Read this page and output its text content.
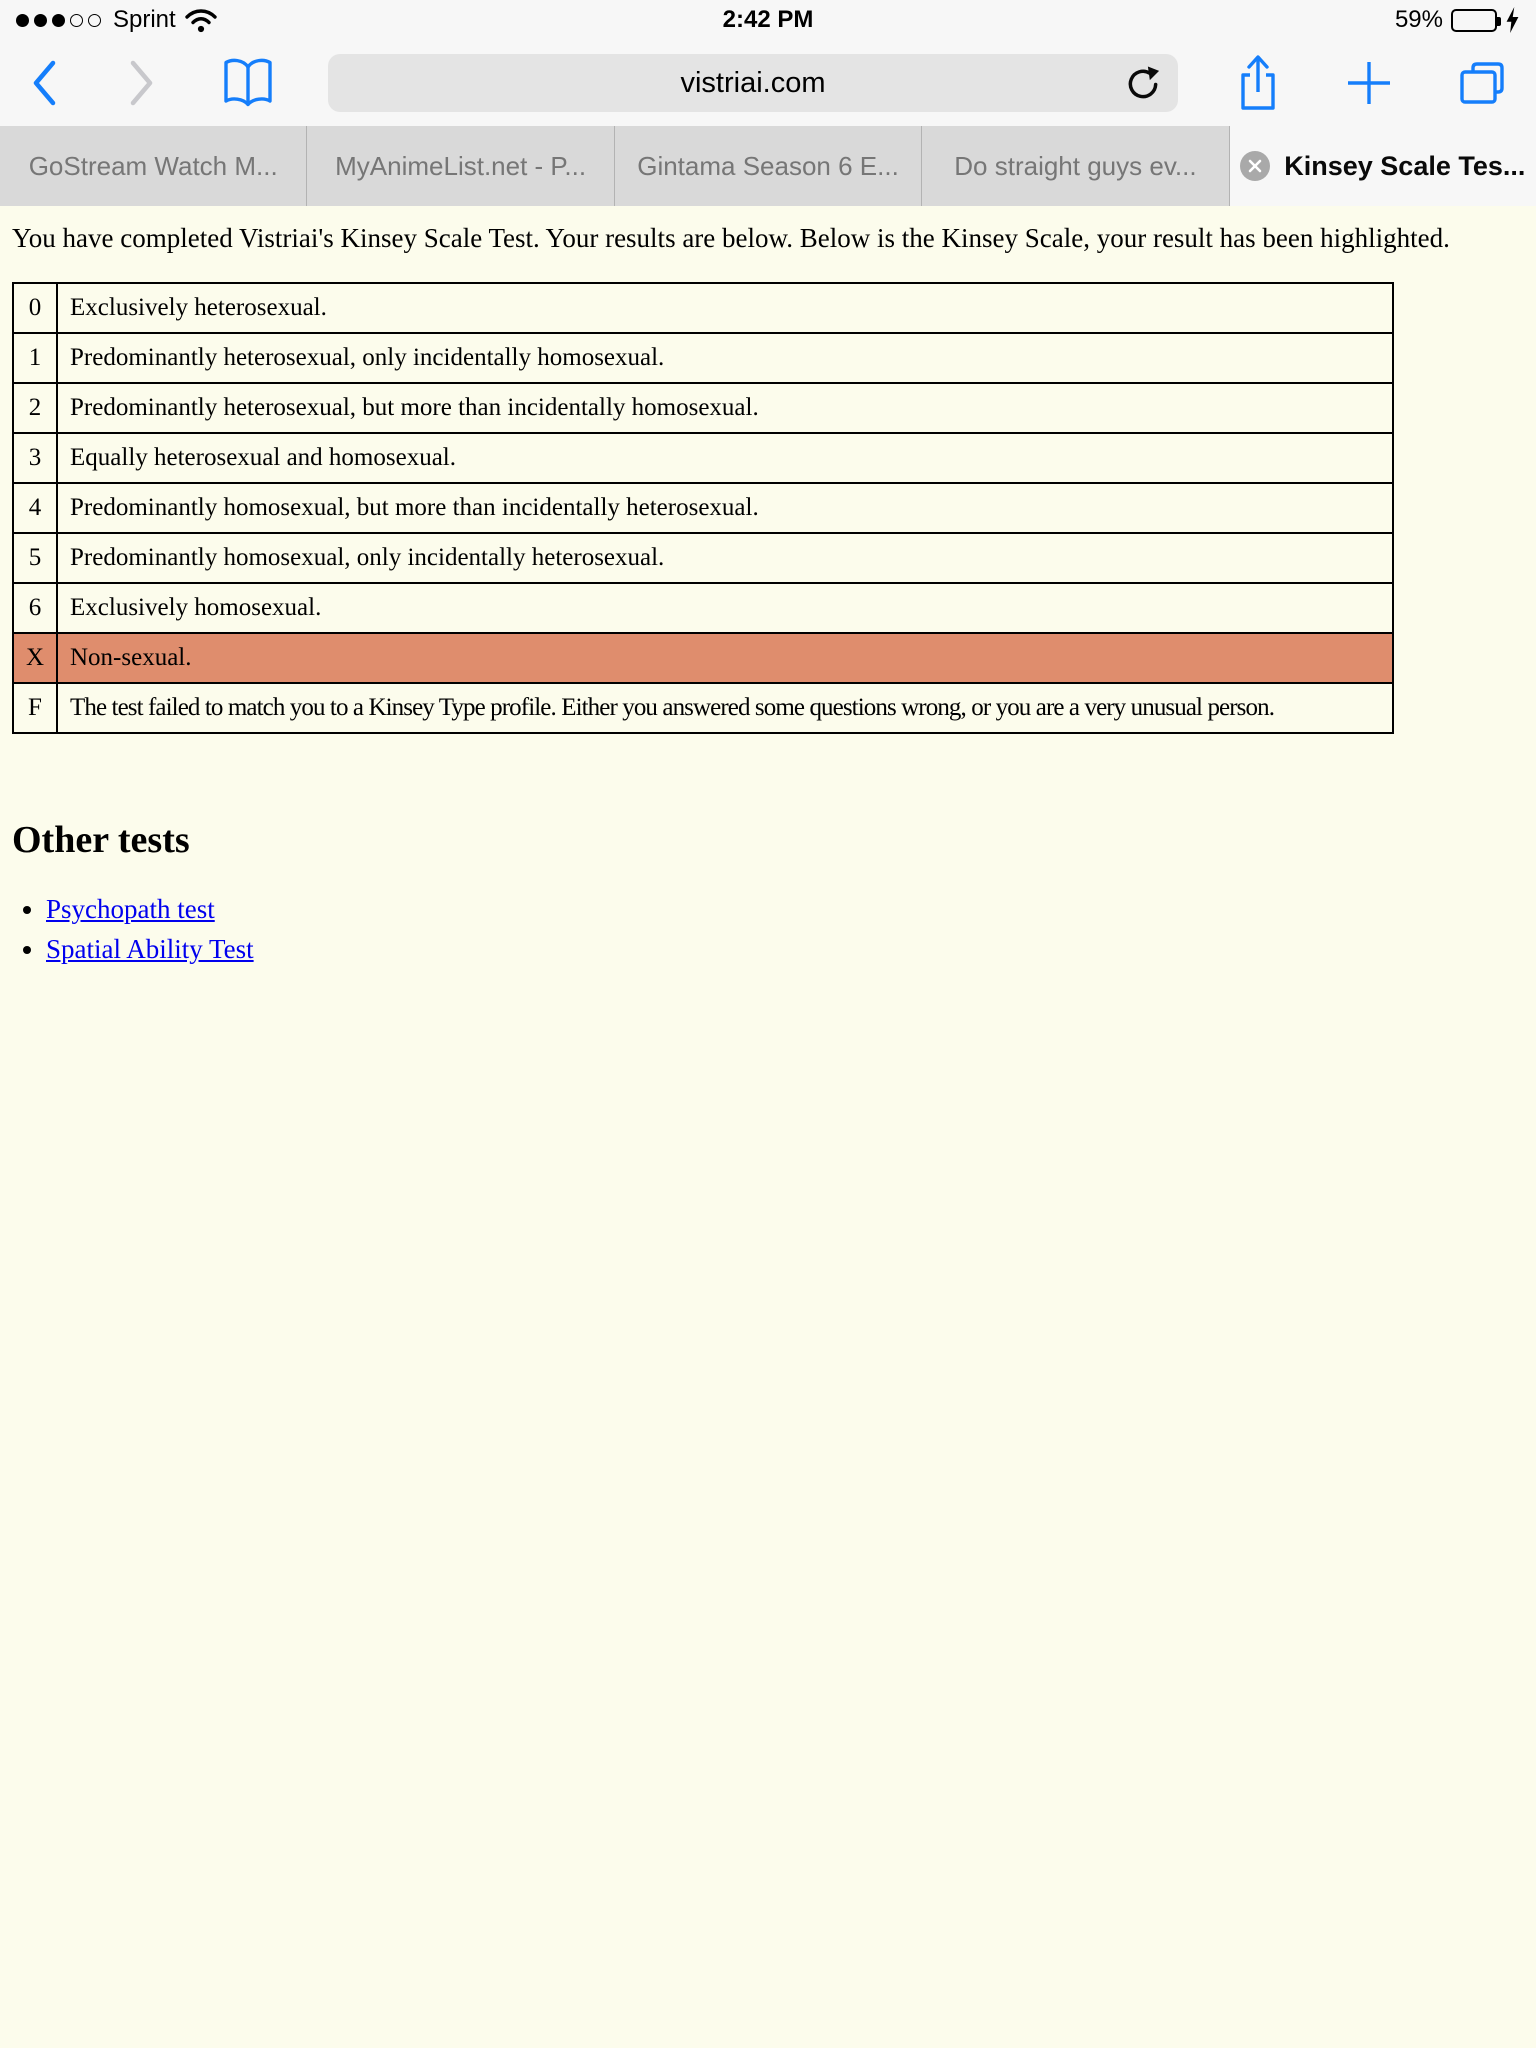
Sprint	2:42 PM	59%
vistriai.com
GoStream Watch M... MyAnimeList.net - P... Gintama Season 6 E... Do straight guys ev...	Kinsey Scale Tes...

You have completed Vistriai's Kinsey Scale Test. Your results are below. Below is the Kinsey Scale, your result has been highlighted.

0	Exclusively heterosexual.
1	Predominantly heterosexual, only incidentally homosexual.
2	Predominantly heterosexual, but more than incidentally homosexual.
3	Equally heterosexual and homosexual.
4	Predominantly homosexual, but more than incidentally heterosexual.
5	Predominantly homosexual, only incidentally heterosexual.
6	Exclusively homosexual.
X	Non-sexual.
F	The test failed to match you to a Kinsey Type profile. Either you answered some questions wrong, or you are a very unusual person.
Other tests
• Psychopath test
• Spatial Ability Test
